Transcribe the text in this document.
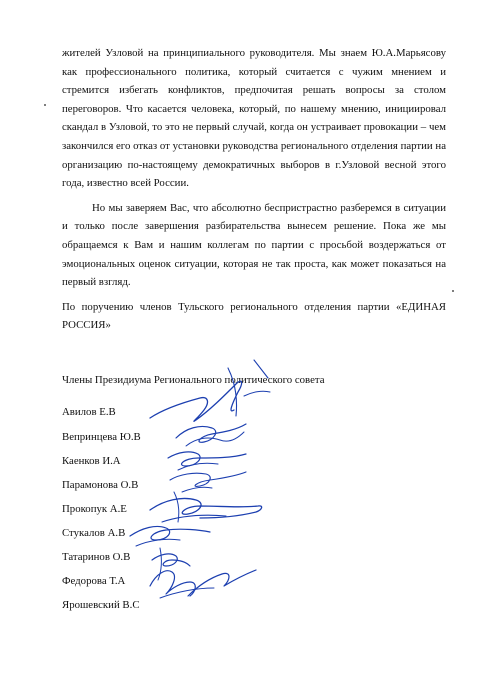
жителей Узловой на принципиального руководителя. Мы знаем Ю.А.Марьясову как профессионального политика, который считается с чужим мнением и стремится избегать конфликтов, предпочитая решать вопросы за столом переговоров. Что касается человека, который, по нашему мнению, инициировал скандал в Узловой, то это не первый случай, когда он устраивает провокации – чем закончился его отказ от установки руководства регионального отделения партии на организацию по-настоящему демократичных выборов в г.Узловой весной этого года, известно всей России.

Но мы заверяем Вас, что абсолютно беспристрастно разберемся в ситуации и только после завершения разбирательства вынесем решение. Пока же мы обращаемся к Вам и нашим коллегам по партии с просьбой воздержаться от эмоциональных оценок ситуации, которая не так проста, как может показаться на первый взгляд.

По поручению членов Тульского регионального отделения партии «ЕДИНАЯ РОССИЯ»

Члены Президиума Регионального политического совета
Авилов Е.В
Вепринцева Ю.В
Каенков И.А
Парамонова О.В
Прокопук А.Е
Стукалов А.В
Татаринов О.В
Федорова Т.А
Ярошевский В.С
